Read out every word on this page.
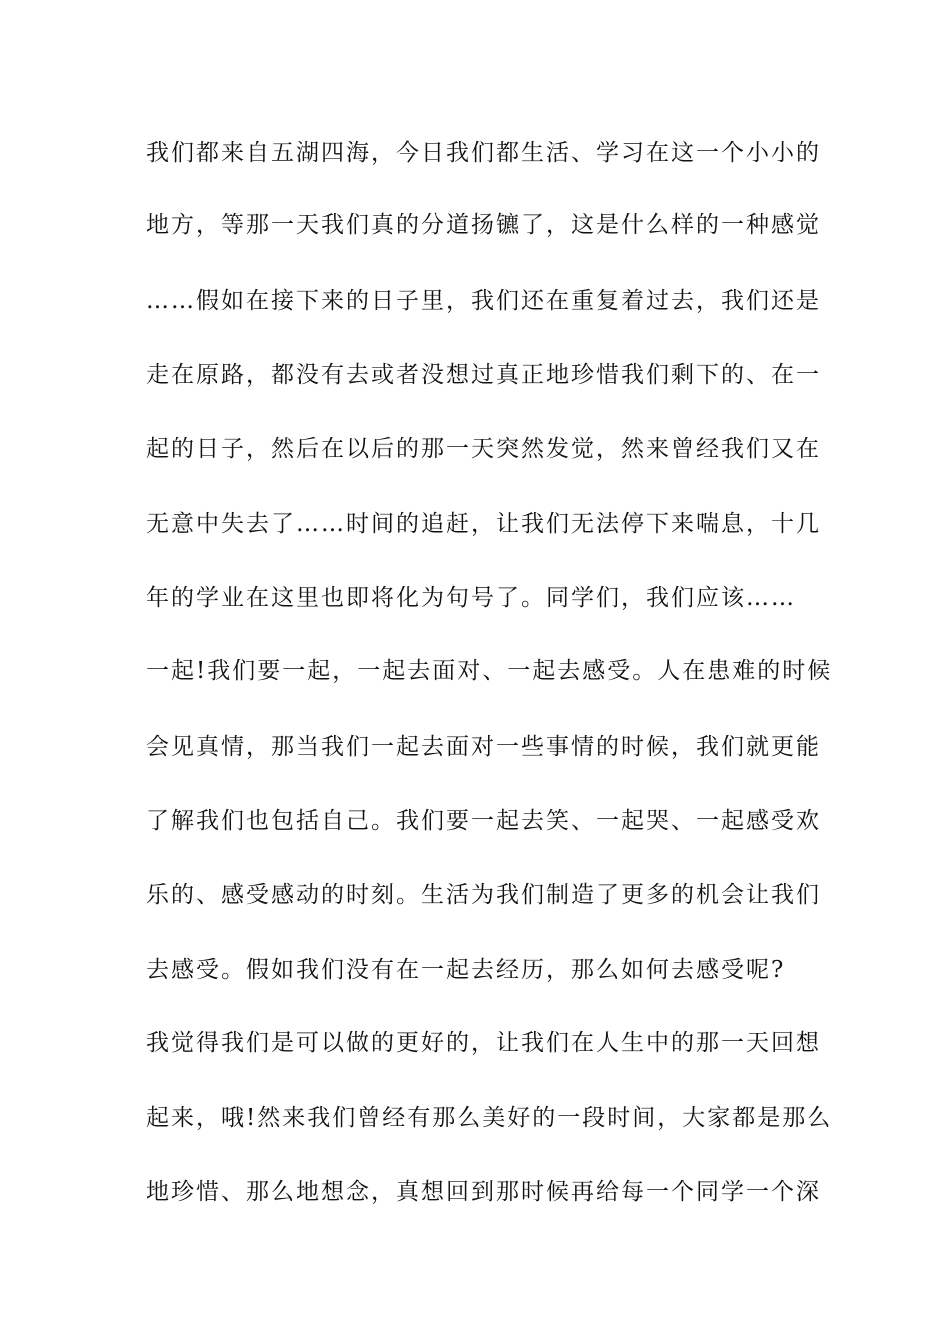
我们都来自五湖四海，今日我们都生活、学习在这一个小小的
地方，等那一天我们真的分道扬镳了，这是什么样的一种感觉
……假如在接下来的日子里，我们还在重复着过去，我们还是
走在原路，都没有去或者没想过真正地珍惜我们剩下的、在一
起的日子，然后在以后的那一天突然发觉，然来曾经我们又在
无意中失去了……时间的追赶，让我们无法停下来喘息，十几
年的学业在这里也即将化为句号了。同学们，我们应该……
一起!我们要一起，一起去面对、一起去感受。人在患难的时候
会见真情，那当我们一起去面对一些事情的时候，我们就更能
了解我们也包括自己。我们要一起去笑、一起哭、一起感受欢
乐的、感受感动的时刻。生活为我们制造了更多的机会让我们
去感受。假如我们没有在一起去经历，那么如何去感受呢?
我觉得我们是可以做的更好的，让我们在人生中的那一天回想
起来，哦!然来我们曾经有那么美好的一段时间，大家都是那么
地珍惜、那么地想念，真想回到那时候再给每一个同学一个深
